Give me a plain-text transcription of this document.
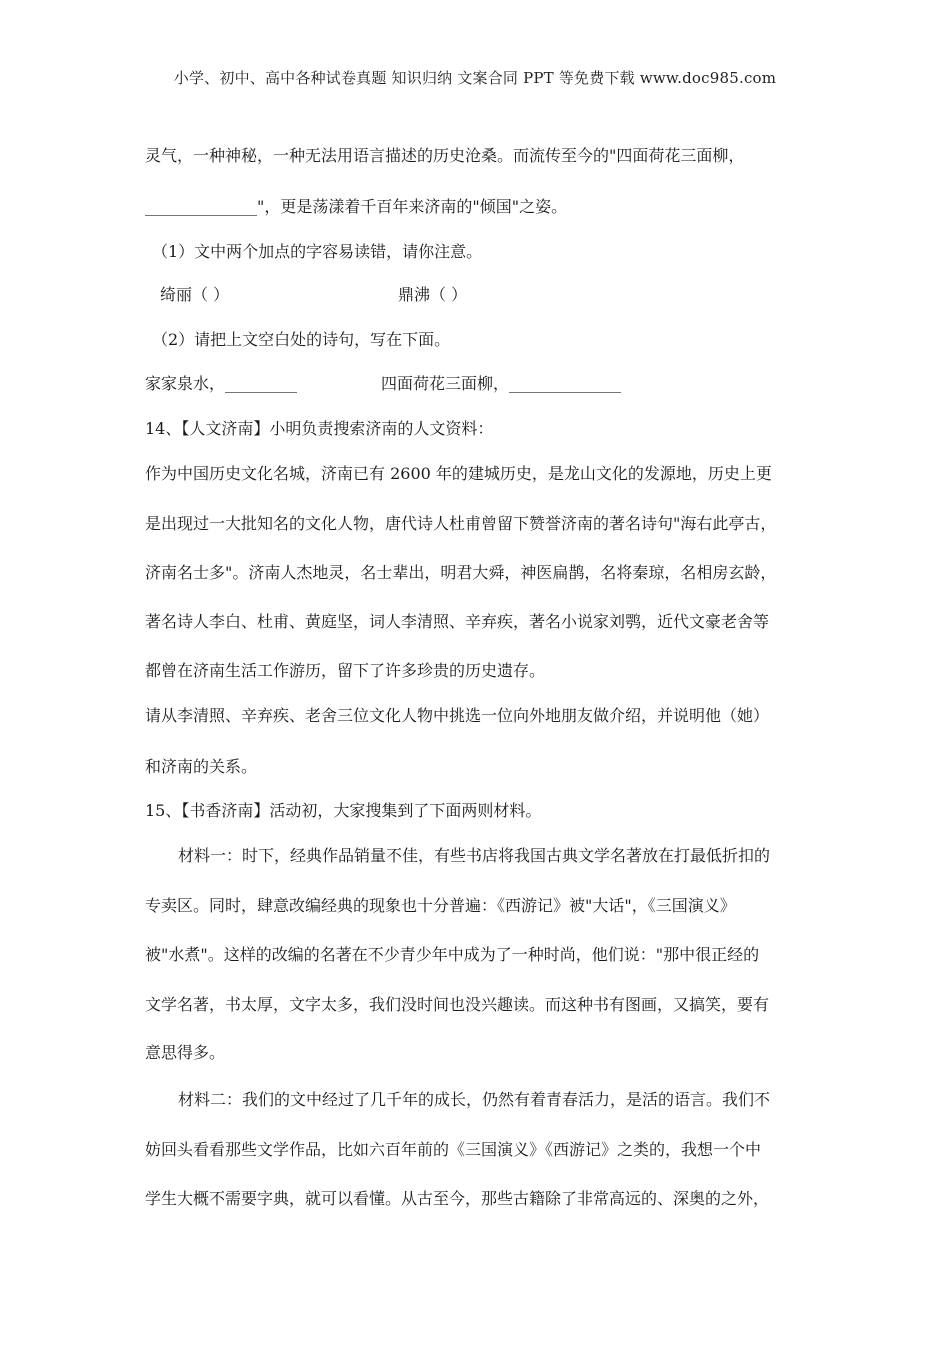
小学、初中、高中各种试卷真题 知识归纳 文案合同 PPT 等免费下载 www.doc985.com
灵气，一种神秘，一种无法用语言描述的历史沧桑。而流传至今的"四面荷花三面柳，
______________"，更是荡漾着千百年来济南的"倾国"之姿。
（1）文中两个加点的字容易读错，请你注意。
绮丽（ ）	鼎沸（ ）
（2）请把上文空白处的诗句，写在下面。
家家泉水，_________	四面荷花三面柳，______________
14、【人文济南】小明负责搜索济南的人文资料：
作为中国历史文化名城，济南已有 2600 年的建城历史，是龙山文化的发源地，历史上更
是出现过一大批知名的文化人物，唐代诗人杜甫曾留下赞誉济南的著名诗句"海右此亭古，
济南名士多"。济南人杰地灵，名士辈出，明君大舜，神医扁鹊，名将秦琼，名相房玄龄，
著名诗人李白、杜甫、黄庭坚，词人李清照、辛弃疾，著名小说家刘鹗，近代文豪老舍等
都曾在济南生活工作游历，留下了许多珍贵的历史遗存。
请从李清照、辛弃疾、老舍三位文化人物中挑选一位向外地朋友做介绍，并说明他（她）
和济南的关系。
15、【书香济南】活动初，大家搜集到了下面两则材料。
材料一：时下，经典作品销量不佳，有些书店将我国古典文学名著放在打最低折扣的
专卖区。同时，肆意改编经典的现象也十分普遍：《西游记》被"大话"，《三国演义》
被"水煮"。这样的改编的名著在不少青少年中成为了一种时尚，他们说："那中很正经的
文学名著，书太厚，文字太多，我们没时间也没兴趣读。而这种书有图画，又搞笑，要有
意思得多。
材料二：我们的文中经过了几千年的成长，仍然有着青春活力，是活的语言。我们不
妨回头看看那些文学作品，比如六百年前的《三国演义》《西游记》之类的，我想一个中
学生大概不需要字典，就可以看懂。从古至今，那些古籍除了非常高远的、深奥的之外，
